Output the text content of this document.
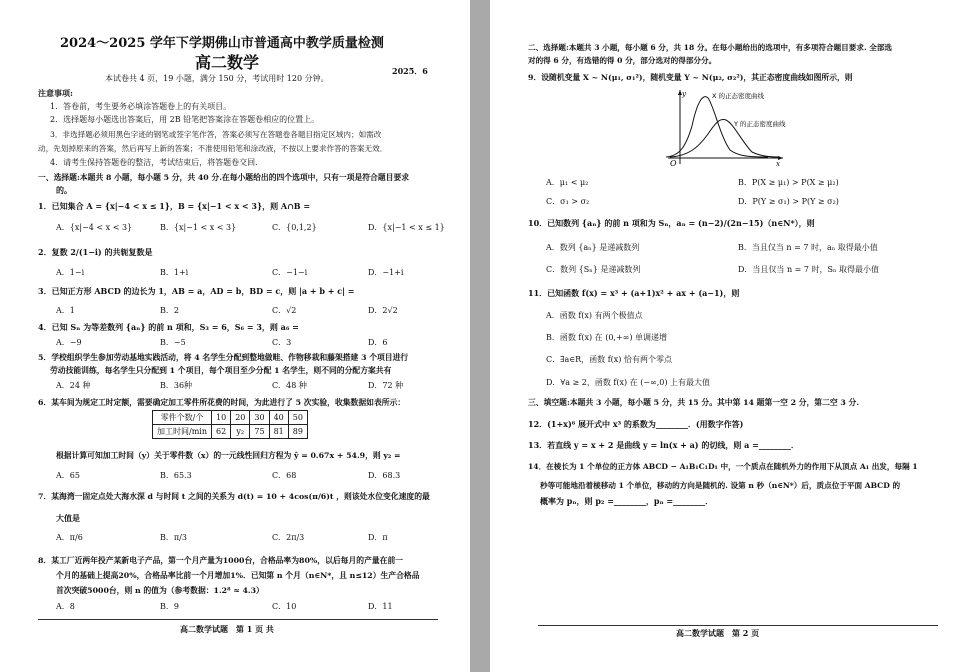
2024～2025 学年下学期佛山市普通高中教学质量检测
高二数学
本试卷共 4 页，19 小题，满分 150 分，考试用时 120 分钟。
2025．6
注意事项:
1．答卷前，考生要务必填涂答题卷上的有关项目。
2．选择题每小题选出答案后，用 2B 铅笔把答案涂在答题卷相应的位置上。
3．非选择题必须用黑色字迹的钢笔或签字笔作答，答案必须写在答题卷各题目指定区域内；如需改
动，先划掉原来的答案，然后再写上新的答案；不准使用铅笔和涂改液，不按以上要求作答的答案无效．
4．请考生保持答题卷的整洁，考试结束后，将答题卷交回．
一、选择题:本题共 8 小题，每小题 5 分，共 40 分.在每小题给出的四个选项中，只有一项是符合题目要求
的。
1．已知集合 A = {x|−4 < x ≤ 1}，B = {x|−1 < x < 3}，则 A∩B =
A．{x|−4 < x < 3}	B．{x|−1 < x < 3}	C．{0,1,2}	D．{x|−1 < x ≤ 1}
2．复数 2/(1−i) 的共轭复数是
A．1−i	B．1+i	C．−1−i	D．−1+i
3．已知正方形 ABCD 的边长为 1，AB = a，AD = b，BD = c，则 |a + b + c| =
A．1	B．2	C．√2	D．2√2
4．已知 Sₙ 为等差数列 {aₙ} 的前 n 项和，S₃ = 6，S₆ = 3，则 a₆ =
A．−9	B．−5	C．3	D．6
5．学校组织学生参加劳动基地实践活动，将 4 名学生分配到整地做畦、作物移栽和藤架搭建 3 个项目进行
劳动技能训练，每名学生只分配到 1 个项目，每个项目至少分配 1 名学生，则不同的分配方案共有
A．24 种	B．36种	C．48 种	D．72 种
6．某车间为规定工时定额，需要确定加工零件所花费的时间，为此进行了 5 次实验，收集数据如表所示：
零件个数/个	10	20	30	40	50
加工时间/min	62	y₂	75	81	89
根据计算可知加工时间（y）关于零件数（x）的一元线性回归方程为 ŷ = 0.67x + 54.9，则 y₂ =
A．65	B．65.3	C．68	D．68.3
7．某海湾一固定点处大海水深 d 与时间 t 之间的关系为 d(t) = 10 + 4cos(π/6)t ，则该处水位变化速度的最
大值是
A．π/6	B．π/3	C．2π/3	D．π
8．某工厂近两年投产某新电子产品，第一个月产量为1000台，合格品率为80%，以后每月的产量在前一
个月的基础上提高20%，合格品率比前一个月增加1%．已知第 n 个月（n∈N*，且 n≤12）生产合格品
首次突破5000台，则 n 的值为（参考数据：1.2⁸ ≈ 4.3）
A．8	B．9	C．10	D．11
高二数学试题　第 1 页 共
二、选择题:本题共 3 小题，每小题 6 分，共 18 分。在每小题给出的选项中，有多项符合题目要求. 全部选
对的得 6 分，有选错的得 0 分，部分选对的得部分分。
9．设随机变量 X ~ N(μ₁, σ₁²)，随机变量 Y ~ N(μ₂, σ₂²)，其正态密度曲线如图所示，则
O
y
x
X 的正态密度曲线
Y 的正态密度曲线
A．μ₁ < μ₂	B．P(X ≥ μ₁) > P(X ≥ μ₂)
C．σ₁ > σ₂	D．P(Y ≥ σ₁) > P(Y ≥ σ₂)
10．已知数列 {aₙ} 的前 n 项和为 Sₙ，aₙ = (n−2)/(2n−15)（n∈N*），则
A．数列 {aₙ} 是递减数列	B．当且仅当 n = 7 时，aₙ 取得最小值
C．数列 {Sₙ} 是递减数列	D．当且仅当 n = 7 时，Sₙ 取得最小值
11．已知函数 f(x) = x³ + (a+1)x² + ax + (a−1)，则
A．函数 f(x) 有两个极值点
B．函数 f(x) 在 (0,+∞) 单调递增
C．∃a∈R，函数 f(x) 恰有两个零点
D．∀a ≥ 2，函数 f(x) 在 (−∞,0) 上有最大值
三、填空题:本题共 3 小题，每小题 5 分，共 15 分。其中第 14 题第一空 2 分，第二空 3 分.
12．(1+x)⁶ 展开式中 x³ 的系数为________．(用数字作答)
13．若直线 y = x + 2 是曲线 y = ln(x + a) 的切线，则 a =________．
14．在棱长为 1 个单位的正方体 ABCD − A₁B₁C₁D₁ 中，一个质点在随机外力的作用下从顶点 A₁ 出发，每隔 1
秒等可能地沿着棱移动 1 个单位，移动的方向是随机的. 设第 n 秒（n∈N*）后，质点位于平面 ABCD 的
概率为 pₙ，则 p₂ =________，pₙ =________．
高二数学试题　第 2 页
